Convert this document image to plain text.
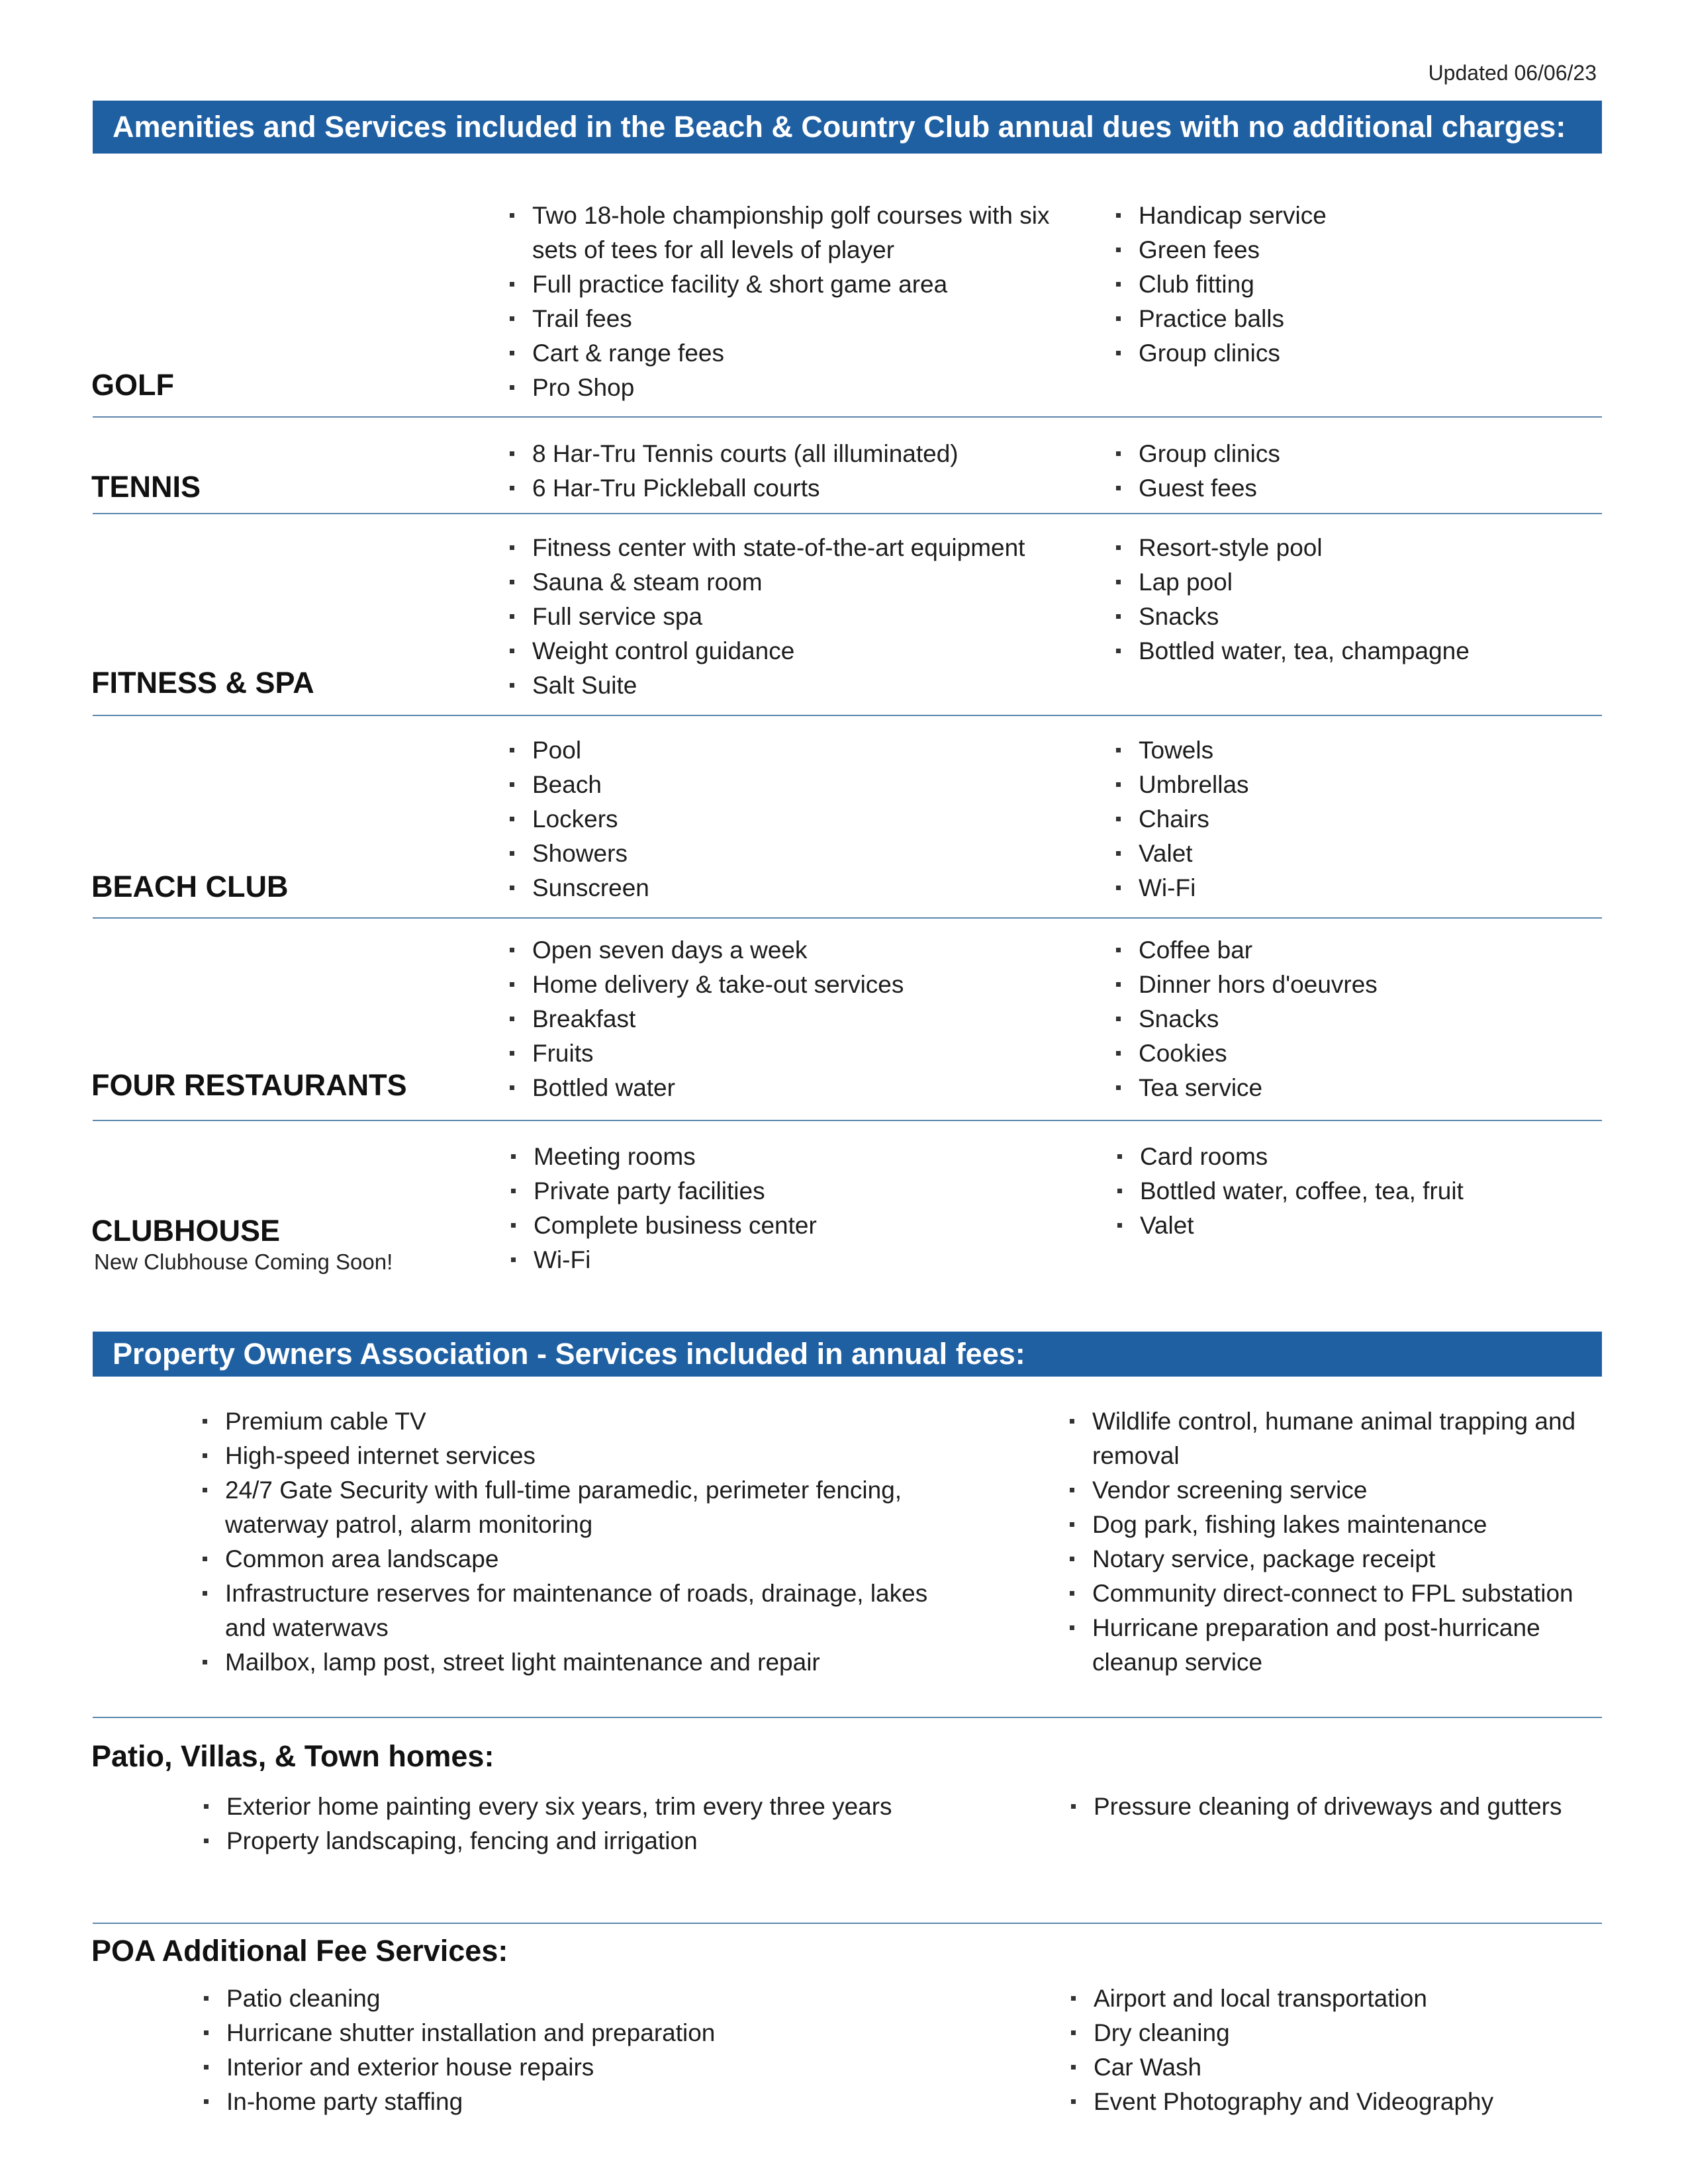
Updated 06/06/23
Amenities and Services included in the Beach & Country Club annual dues with no additional charges:
Two 18-hole championship golf courses with six sets of tees for all levels of player
Full practice facility & short game area
Trail fees
Cart & range fees
Pro Shop
Handicap service
Green fees
Club fitting
Practice balls
Group clinics
GOLF
8 Har-Tru Tennis courts (all illuminated)
6 Har-Tru Pickleball courts
Group clinics
Guest fees
TENNIS
Fitness center with state-of-the-art equipment
Sauna & steam room
Full service spa
Weight control guidance
Salt Suite
Resort-style pool
Lap pool
Snacks
Bottled water, tea, champagne
FITNESS & SPA
Pool
Beach
Lockers
Showers
Sunscreen
Towels
Umbrellas
Chairs
Valet
Wi-Fi
BEACH CLUB
Open seven days a week
Home delivery & take-out services
Breakfast
Fruits
Bottled water
Coffee bar
Dinner hors d'oeuvres
Snacks
Cookies
Tea service
FOUR RESTAURANTS
Meeting rooms
Private party facilities
Complete business center
Wi-Fi
Card rooms
Bottled water, coffee, tea, fruit
Valet
CLUBHOUSE
New Clubhouse Coming Soon!
Property Owners Association - Services included in annual fees:
Premium cable TV
High-speed internet services
24/7 Gate Security with full-time paramedic, perimeter fencing, waterway patrol, alarm monitoring
Common area landscape
Infrastructure reserves for maintenance of roads, drainage, lakes and waterwavs
Mailbox, lamp post, street light maintenance and repair
Wildlife control, humane animal trapping and removal
Vendor screening service
Dog park, fishing lakes maintenance
Notary service, package receipt
Community direct-connect to FPL substation
Hurricane preparation and post-hurricane cleanup service
Patio, Villas, & Town homes:
Exterior home painting every six years, trim every three years
Property landscaping, fencing and irrigation
Pressure cleaning of driveways and gutters
POA Additional Fee Services:
Patio cleaning
Hurricane shutter installation and preparation
Interior and exterior house repairs
In-home party staffing
Airport and local transportation
Dry cleaning
Car Wash
Event Photography and Videography
